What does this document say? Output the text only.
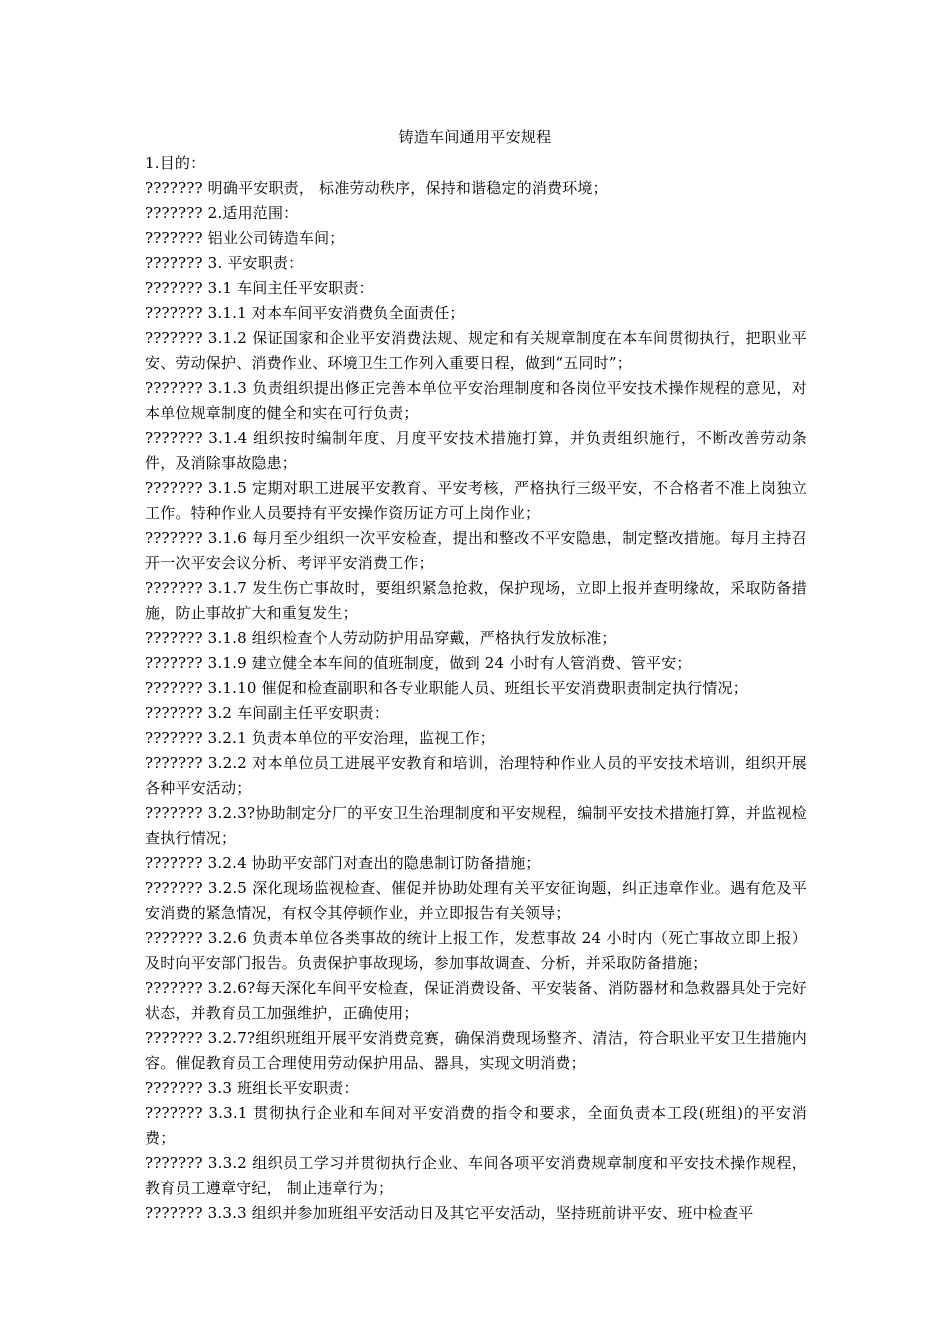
铸造车间通用平安规程

1.目的：

??????? 明确平安职责， 标准劳动秩序，保持和谐稳定的消费环境；

??????? 2.适用范围：

??????? 铝业公司铸造车间；

??????? 3. 平安职责：

??????? 3.1 车间主任平安职责：

??????? 3.1.1 对本车间平安消费负全面责任；

??????? 3.1.2 保证国家和企业平安消费法规、规定和有关规章制度在本车间贯彻执行，把职业平安、劳动保护、消费作业、环境卫生工作列入重要日程，做到“五同时”；

??????? 3.1.3 负责组织提出修正完善本单位平安治理制度和各岗位平安技术操作规程的意见，对本单位规章制度的健全和实在可行负责；

??????? 3.1.4 组织按时编制年度、月度平安技术措施打算，并负责组织施行，不断改善劳动条件，及消除事故隐患；

??????? 3.1.5 定期对职工进展平安教育、平安考核，严格执行三级平安，不合格者不准上岗独立工作。特种作业人员要持有平安操作资历证方可上岗作业；

??????? 3.1.6 每月至少组织一次平安检查，提出和整改不平安隐患，制定整改措施。每月主持召开一次平安会议分析、考评平安消费工作；

??????? 3.1.7 发生伤亡事故时，要组织紧急抢救，保护现场，立即上报并查明缘故，采取防备措施，防止事故扩大和重复发生；

??????? 3.1.8 组织检查个人劳动防护用品穿戴，严格执行发放标准；

??????? 3.1.9 建立健全本车间的值班制度，做到 24 小时有人管消费、管平安；

??????? 3.1.10 催促和检查副职和各专业职能人员、班组长平安消费职责制定执行情况；

??????? 3.2 车间副主任平安职责：

??????? 3.2.1 负责本单位的平安治理，监视工作；

??????? 3.2.2 对本单位员工进展平安教育和培训，治理特种作业人员的平安技术培训，组织开展各种平安活动；

??????? 3.2.3?协助制定分厂的平安卫生治理制度和平安规程，编制平安技术措施打算，并监视检查执行情况；

??????? 3.2.4 协助平安部门对查出的隐患制订防备措施；

??????? 3.2.5 深化现场监视检查、催促并协助处理有关平安征询题，纠正违章作业。遇有危及平安消费的紧急情况，有权令其停顿作业，并立即报告有关领导；

??????? 3.2.6 负责本单位各类事故的统计上报工作，发惹事故 24 小时内（死亡事故立即上报）及时向平安部门报告。负责保护事故现场，参加事故调查、分析，并采取防备措施；

??????? 3.2.6?每天深化车间平安检查，保证消费设备、平安装备、消防器材和急救器具处于完好状态，并教育员工加强维护，正确使用；

??????? 3.2.7?组织班组开展平安消费竞赛，确保消费现场整齐、清洁，符合职业平安卫生措施内容。催促教育员工合理使用劳动保护用品、器具，实现文明消费；

??????? 3.3 班组长平安职责：

??????? 3.3.1 贯彻执行企业和车间对平安消费的指令和要求，全面负责本工段(班组)的平安消费；

??????? 3.3.2 组织员工学习并贯彻执行企业、车间各项平安消费规章制度和平安技术操作规程，教育员工遵章守纪， 制止违章行为；

??????? 3.3.3 组织并参加班组平安活动日及其它平安活动，坚持班前讲平安、班中检查平
